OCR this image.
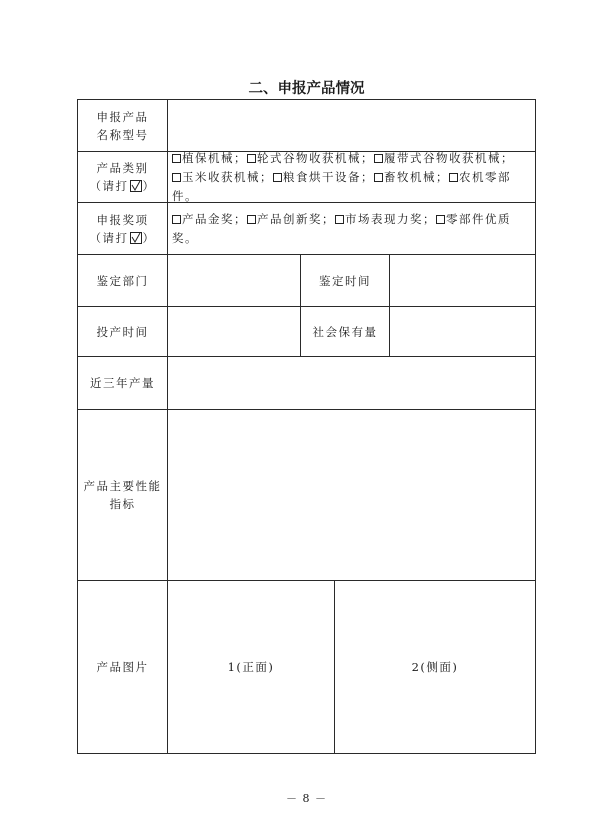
二、申报产品情况
申报产品
名称型号
产品类别
（请打 ）
植保机械； 轮式谷物收获机械； 履带式谷物收获机械；
玉米收获机械； 粮食烘干设备； 畜牧机械； 农机零部件。
申报奖项
（请打 ）
产品金奖； 产品创新奖； 市场表现力奖； 零部件优质奖。
鉴定部门	鉴定时间
投产时间	社会保有量
近三年产量
产品主要性能
指标
产品图片	1(正面)	2(侧面)
－ 8 －
